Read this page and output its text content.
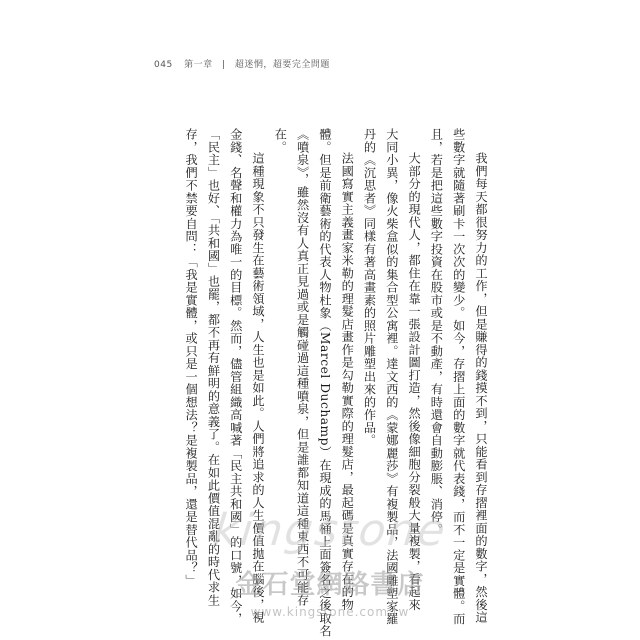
045 第一章 | 超迷惘，超要完全問題

我們每天都很努力的工作，但是賺得的錢摸不到，只能看到存摺裡面的數字，然後這
些數字就隨著刷卡一次次的變少。如今，存摺上面的數字就代表錢，而不一定是實體。而
且，若是把這些數字投資在股市或是不動產，有時還會自動膨脹、消停。

大部分的現代人，都住在靠一張設計圖打造，然後像細胞分裂般大量複製，看起來
大同小異，像火柴盒似的集合型公寓裡。達文西的《蒙娜麗莎》有複製品，法國雕塑家羅
丹的《沉思者》同樣有著高畫素的照片雕塑出來的作品。

法國寫實主義畫家米勒的理髮店畫作是勾勒實際的理髮店，最起碼是真實存在的物
體。但是前衛藝術的代表人物杜象（Marcel Duchamp）在現成的馬桶上面簽名之後取名
《噴泉》，雖然沒有人真正見過或是觸碰過這種噴泉，但是誰都知道這種東西不可能存
在。

這種現象不只發生在藝術領域，人生也是如此。人們將追求的人生價值拋在腦後，視
金錢、名聲和權力為唯一的目標。然而，儘管組織高喊著「民主共和國」的口號，如今，
「民主」也好、「共和國」也罷，都不再有鮮明的意義了。在如此價值混亂的時代求生
存，我們不禁要自問：「我是實體，或只是一個想法？是複製品，還是替代品？」 kingstone
金石堂網路書店
www.kingstone.com.tw
